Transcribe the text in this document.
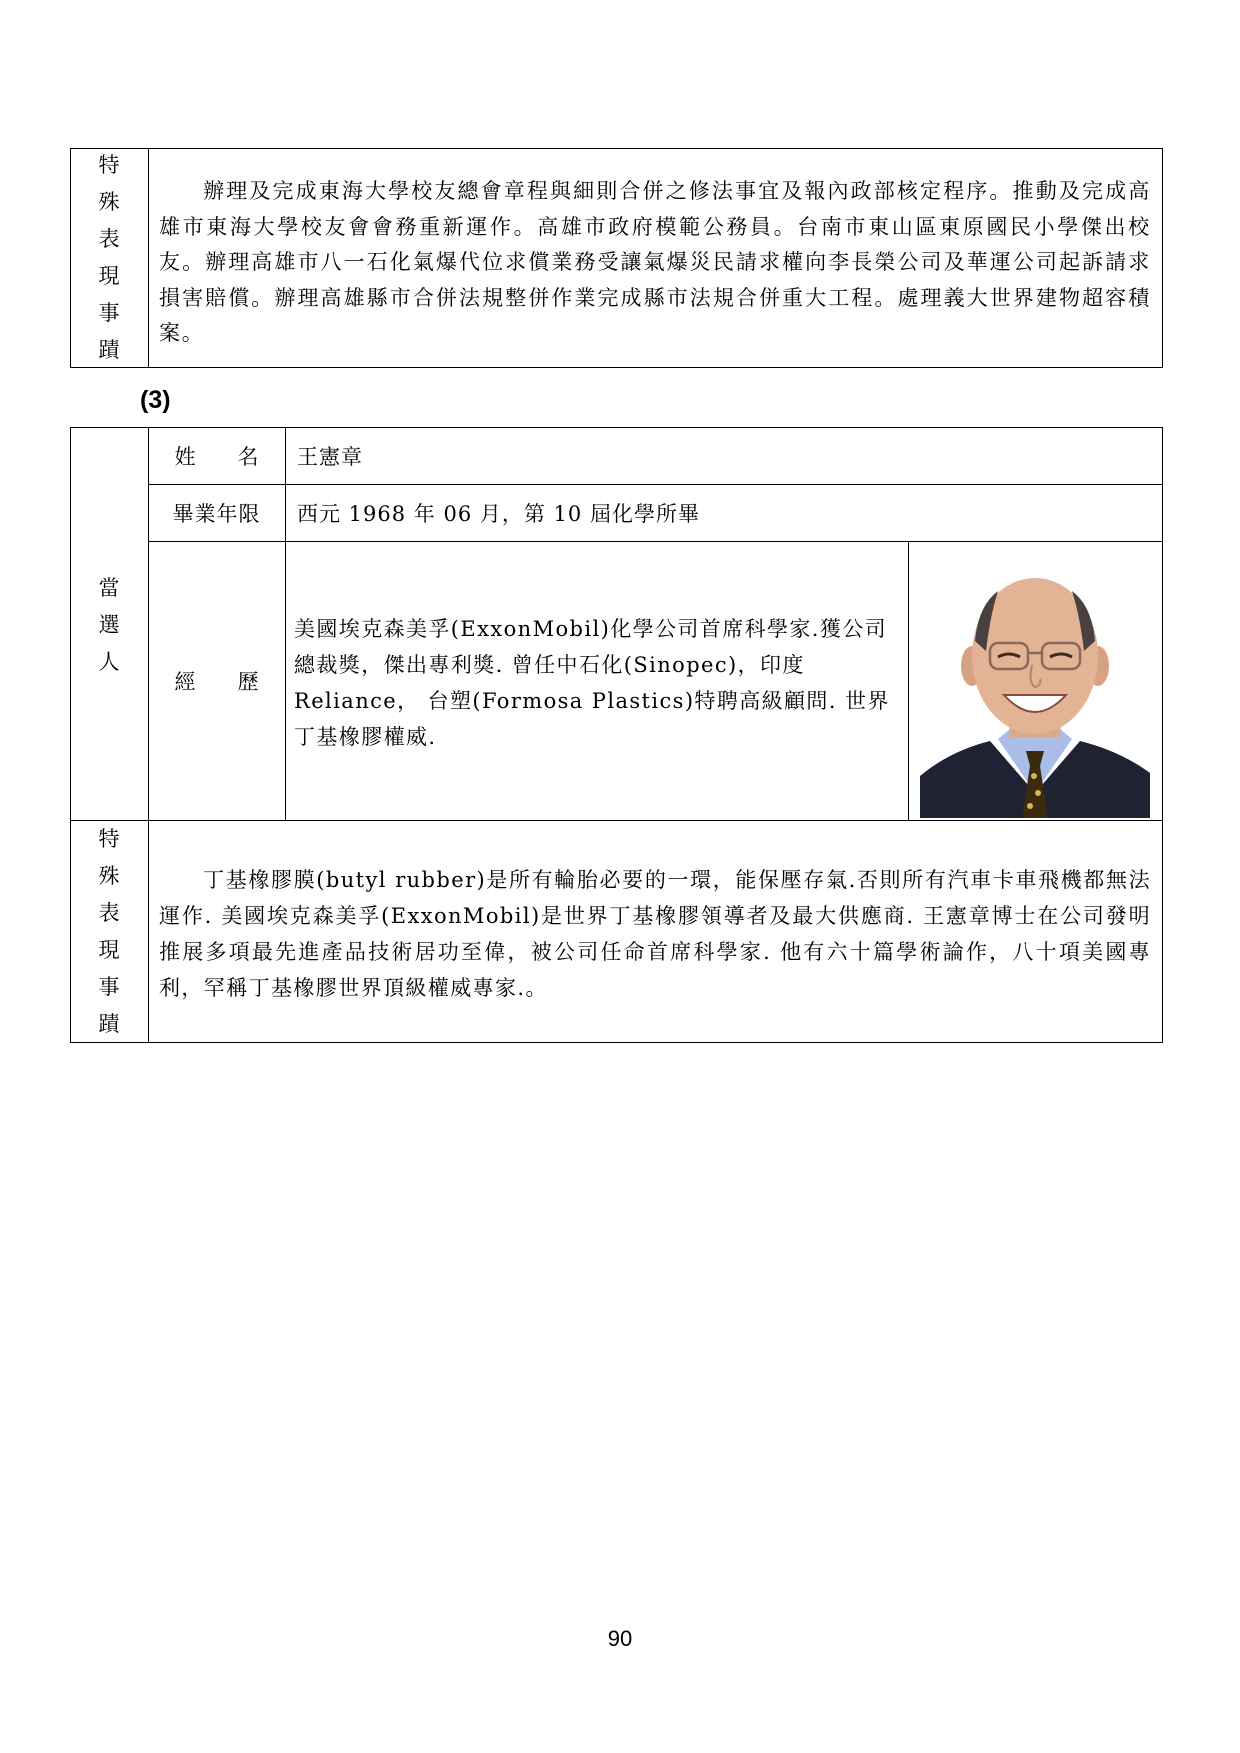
特
殊
表
現
事
蹟
辦理及完成東海大學校友總會章程與細則合併之修法事宜及報內政部核定程序。推動及完成高雄市東海大學校友會會務重新運作。高雄市政府模範公務員。台南市東山區東原國民小學傑出校友。辦理高雄市八一石化氣爆代位求償業務受讓氣爆災民請求權向李長榮公司及華運公司起訴請求損害賠償。辦理高雄縣市合併法規整併作業完成縣市法規合併重大工程。處理義大世界建物超容積案。
(3)
當
選
人
姓　　名	王憲章
畢業年限	西元 1968 年 06 月，第 10 屆化學所畢
經　　歷
美國埃克森美孚(ExxonMobil)化學公司首席科學家.獲公司總裁獎，傑出專利獎. 曾任中石化(Sinopec)，印度Reliance， 台塑(Formosa Plastics)特聘高級顧問. 世界丁基橡膠權威.
特
殊
表
現
事
蹟
丁基橡膠膜(butyl rubber)是所有輪胎必要的一環，能保壓存氣.否則所有汽車卡車飛機都無法運作. 美國埃克森美孚(ExxonMobil)是世界丁基橡膠領導者及最大供應商. 王憲章博士在公司發明推展多項最先進產品技術居功至偉，被公司任命首席科學家. 他有六十篇學術論作，八十項美國專利，罕稱丁基橡膠世界頂級權威專家.。
90
